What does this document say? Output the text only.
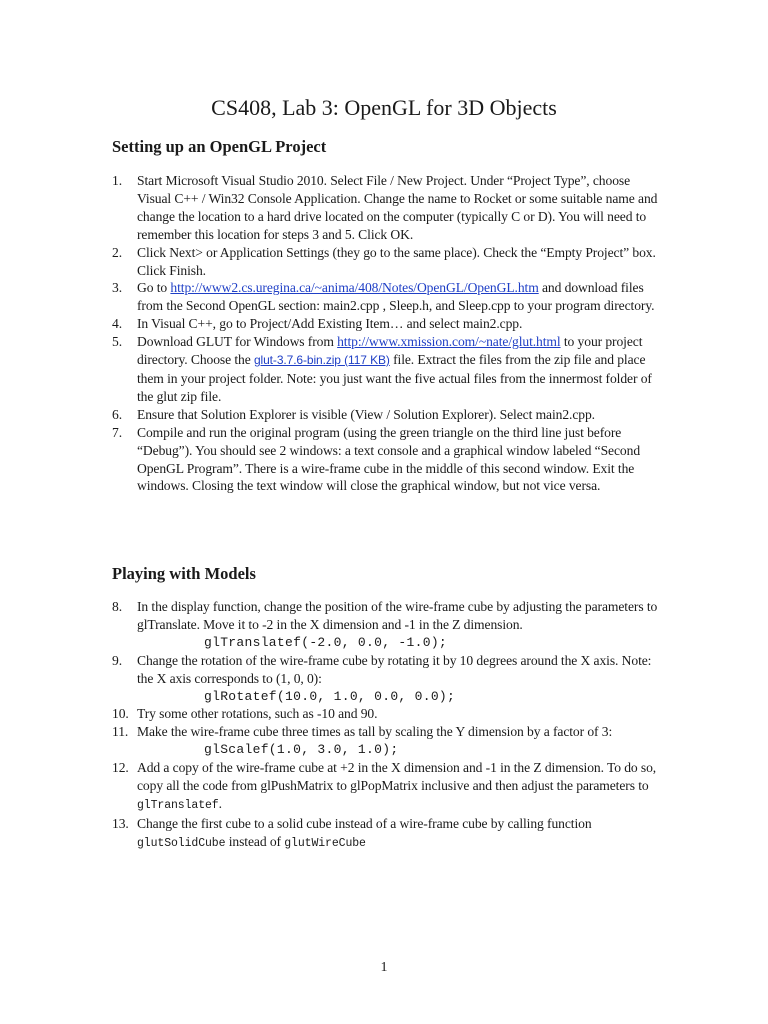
CS408, Lab 3: OpenGL for 3D Objects
Setting up an OpenGL Project
1. Start Microsoft Visual Studio 2010. Select File / New Project. Under “Project Type”, choose Visual C++ / Win32 Console Application. Change the name to Rocket or some suitable name and change the location to a hard drive located on the computer (typically C or D). You will need to remember this location for steps 3 and 5. Click OK.
2. Click Next> or Application Settings (they go to the same place). Check the “Empty Project” box. Click Finish.
3. Go to http://www2.cs.uregina.ca/~anima/408/Notes/OpenGL/OpenGL.htm and download files from the Second OpenGL section: main2.cpp , Sleep.h, and Sleep.cpp to your program directory.
4. In Visual C++, go to Project/Add Existing Item… and select main2.cpp.
5. Download GLUT for Windows from http://www.xmission.com/~nate/glut.html to your project directory. Choose the glut-3.7.6-bin.zip (117 KB) file. Extract the files from the zip file and place them in your project folder. Note: you just want the five actual files from the innermost folder of the glut zip file.
6. Ensure that Solution Explorer is visible (View / Solution Explorer). Select main2.cpp.
7. Compile and run the original program (using the green triangle on the third line just before “Debug”). You should see 2 windows: a text console and a graphical window labeled “Second OpenGL Program”. There is a wire-frame cube in the middle of this second window. Exit the windows. Closing the text window will close the graphical window, but not vice versa.
Playing with Models
8. In the display function, change the position of the wire-frame cube by adjusting the parameters to glTranslate. Move it to -2 in the X dimension and -1 in the Z dimension.
glTranslatef(-2.0, 0.0, -1.0);
9. Change the rotation of the wire-frame cube by rotating it by 10 degrees around the X axis. Note: the X axis corresponds to (1, 0, 0):
glRotatef(10.0, 1.0, 0.0, 0.0);
10. Try some other rotations, such as -10 and 90.
11. Make the wire-frame cube three times as tall by scaling the Y dimension by a factor of 3:
glScalef(1.0, 3.0, 1.0);
12. Add a copy of the wire-frame cube at +2 in the X dimension and -1 in the Z dimension. To do so, copy all the code from glPushMatrix to glPopMatrix inclusive and then adjust the parameters to glTranslatef.
13. Change the first cube to a solid cube instead of a wire-frame cube by calling function glutSolidCube instead of glutWireCube
1
